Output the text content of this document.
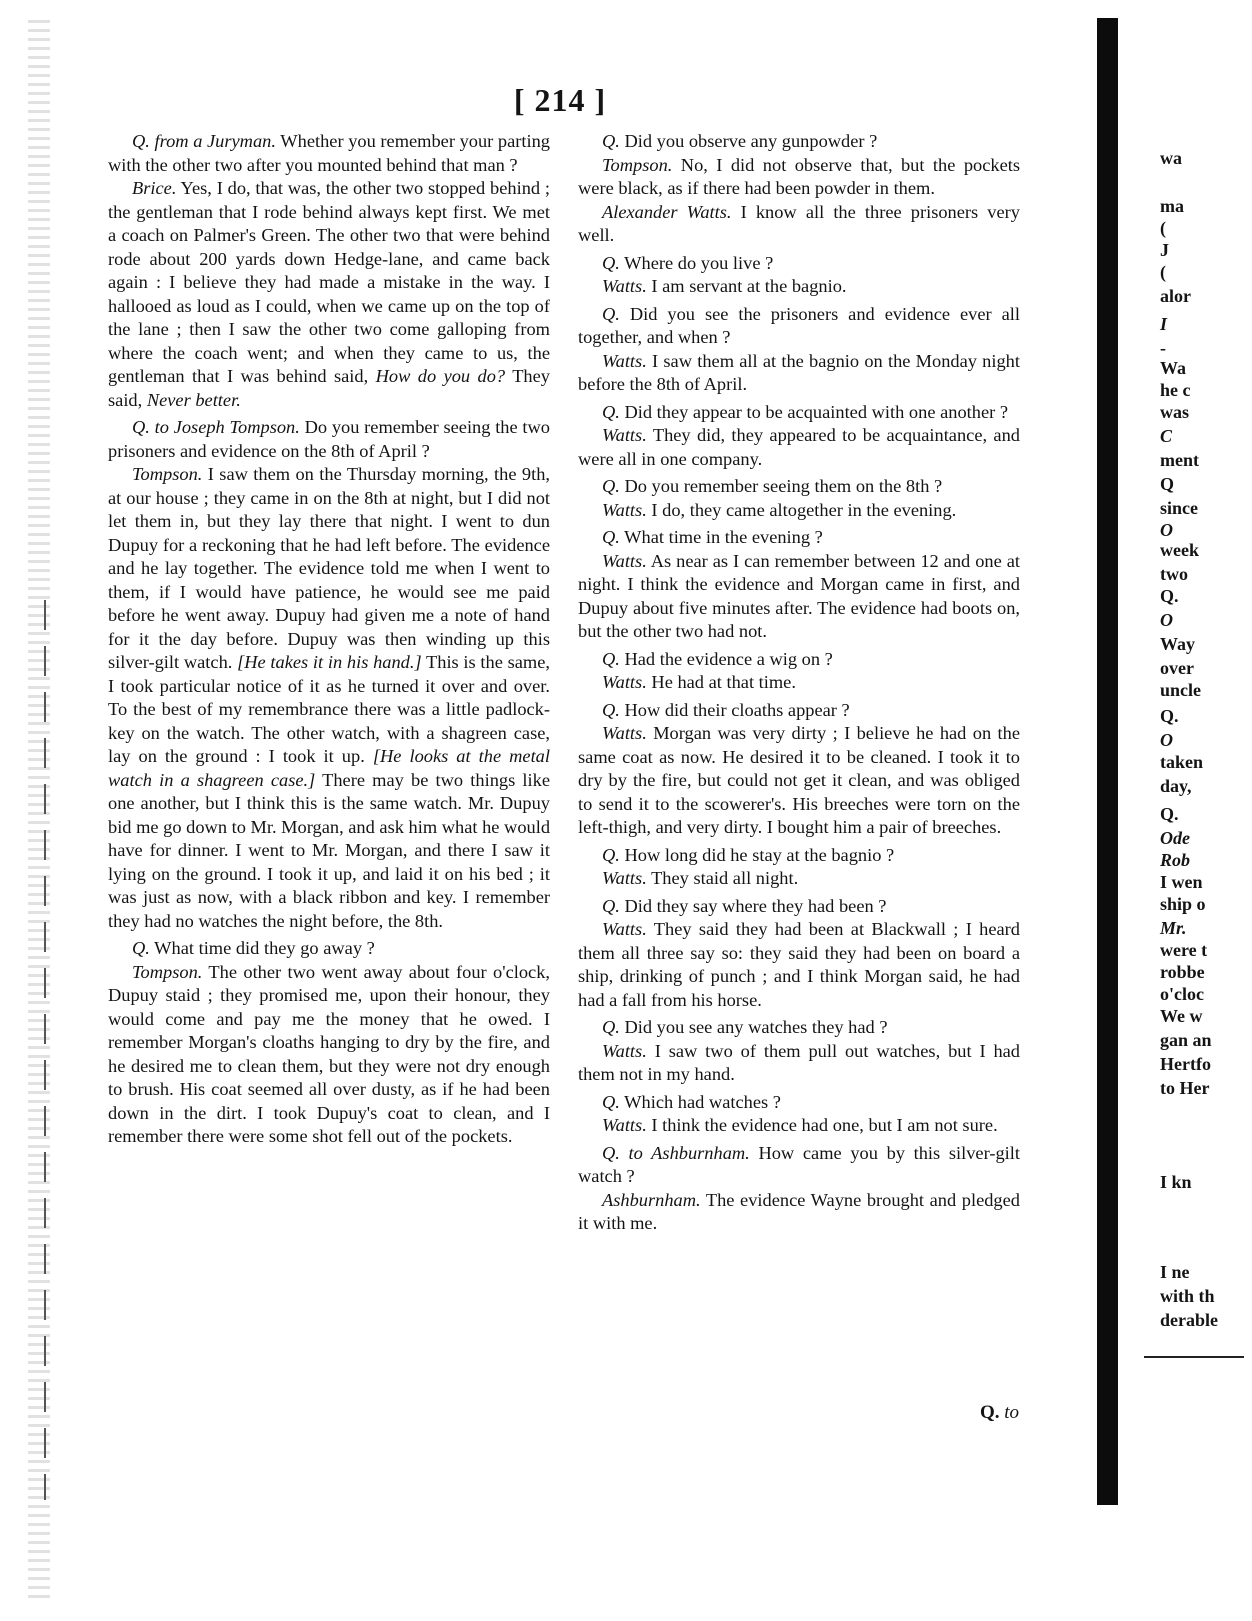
[ 214 ]

Q. from a Juryman. Whether you remember your parting with the other two after you mounted behind that man ?

Brice. Yes, I do, that was, the other two stopped behind ; the gentleman that I rode behind always kept first. We met a coach on Palmer's Green. The other two that were behind rode about 200 yards down Hedge-lane, and came back again : I believe they had made a mistake in the way. I hallooed as loud as I could, when we came up on the top of the lane ; then I saw the other two come galloping from where the coach went; and when they came to us, the gentleman that I was behind said, How do you do? They said, Never better.

Q. to Joseph Tompson. Do you remember seeing the two prisoners and evidence on the 8th of April ?

Tompson. I saw them on the Thursday morning, the 9th, at our house ; they came in on the 8th at night, but I did not let them in, but they lay there that night. I went to dun Dupuy for a reckoning that he had left before. The evidence and he lay together. The evidence told me when I went to them, if I would have patience, he would see me paid before he went away. Dupuy had given me a note of hand for it the day before. Dupuy was then winding up this silver-gilt watch. [He takes it in his hand.] This is the same, I took particular notice of it as he turned it over and over. To the best of my remembrance there was a little padlock-key on the watch. The other watch, with a shagreen case, lay on the ground : I took it up. [He looks at the metal watch in a shagreen case.] There may be two things like one another, but I think this is the same watch. Mr. Dupuy bid me go down to Mr. Morgan, and ask him what he would have for dinner. I went to Mr. Morgan, and there I saw it lying on the ground. I took it up, and laid it on his bed ; it was just as now, with a black ribbon and key. I remember they had no watches the night before, the 8th.

Q. What time did they go away ?

Tompson. The other two went away about four o'clock, Dupuy staid ; they promised me, upon their honour, they would come and pay me the money that he owed. I remember Morgan's cloaths hanging to dry by the fire, and he desired me to clean them, but they were not dry enough to brush. His coat seemed all over dusty, as if he had been down in the dirt. I took Dupuy's coat to clean, and I remember there were some shot fell out of the pockets.

Q. Did you observe any gunpowder ?

Tompson. No, I did not observe that, but the pockets were black, as if there had been powder in them.

Alexander Watts. I know all the three prisoners very well.

Q. Where do you live ?

Watts. I am servant at the bagnio.

Q. Did you see the prisoners and evidence ever all together, and when ?

Watts. I saw them all at the bagnio on the Monday night before the 8th of April.

Q. Did they appear to be acquainted with one another ?

Watts. They did, they appeared to be acquaintance, and were all in one company.

Q. Do you remember seeing them on the 8th ?

Watts. I do, they came altogether in the evening.

Q. What time in the evening ?

Watts. As near as I can remember between 12 and one at night. I think the evidence and Morgan came in first, and Dupuy about five minutes after. The evidence had boots on, but the other two had not.

Q. Had the evidence a wig on ?

Watts. He had at that time.

Q. How did their cloaths appear ?

Watts. Morgan was very dirty ; I believe he had on the same coat as now. He desired it to be cleaned. I took it to dry by the fire, but could not get it clean, and was obliged to send it to the scowerer's. His breeches were torn on the left-thigh, and very dirty. I bought him a pair of breeches.

Q. How long did he stay at the bagnio ?

Watts. They staid all night.

Q. Did they say where they had been ?

Watts. They said they had been at Blackwall ; I heard them all three say so: they said they had been on board a ship, drinking of punch ; and I think Morgan said, he had had a fall from his horse.

Q. Did you see any watches they had ?

Watts. I saw two of them pull out watches, but I had them not in my hand.

Q. Which had watches ?

Watts. I think the evidence had one, but I am not sure.

Q. to Ashburnham. How came you by this silver-gilt watch ?

Ashburnham. The evidence Wayne brought and pledged it with me.

Q. to
wa
ma
(
J
(
alor
I
-
Wa
he c
was
C
ment
Q
since
O
week
two
Q.
O
Way
over
uncle
Q.
O
taken
day,
Q.
Ode
Rob
I wen
ship o
Mr.
were t
robbe
o'cloc
We w
gan an
Hertfo
to Her
I kn
I ne
with th
derable
